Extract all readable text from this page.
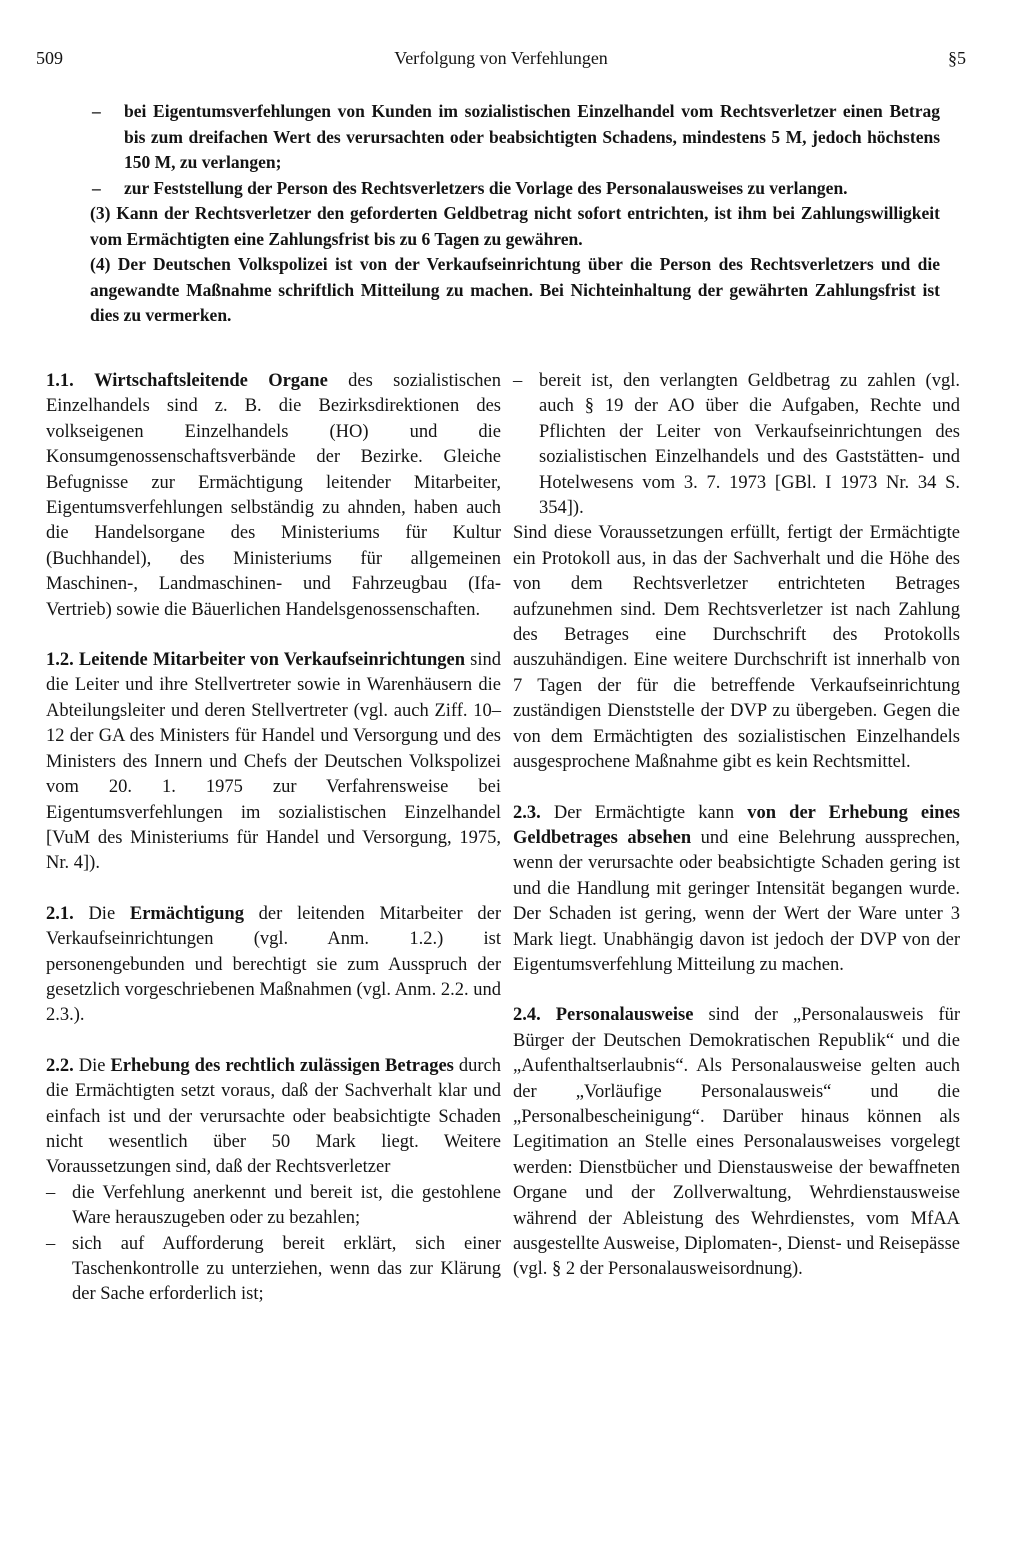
509	Verfolgung von Verfehlungen	§5
– bei Eigentumsverfehlungen von Kunden im sozialistischen Einzelhandel vom Rechtsverletzer einen Betrag bis zum dreifachen Wert des verursachten oder beabsichtigten Schadens, mindestens 5 M, jedoch höchstens 150 M, zu verlangen;
– zur Feststellung der Person des Rechtsverletzers die Vorlage des Personalausweises zu verlangen.

(3) Kann der Rechtsverletzer den geforderten Geldbetrag nicht sofort entrichten, ist ihm bei Zahlungswilligkeit vom Ermächtigten eine Zahlungsfrist bis zu 6 Tagen zu gewähren.

(4) Der Deutschen Volkspolizei ist von der Verkaufseinrichtung über die Person des Rechtsverletzers und die angewandte Maßnahme schriftlich Mitteilung zu machen. Bei Nichteinhaltung der gewährten Zahlungsfrist ist dies zu vermerken.

1.1. Wirtschaftsleitende Organe des sozialistischen Einzelhandels sind z. B. die Bezirksdirektionen des volkseigenen Einzelhandels (HO) und die Konsumgenossenschaftsverbände der Bezirke. Gleiche Befugnisse zur Ermächtigung leitender Mitarbeiter, Eigentumsverfehlungen selbständig zu ahnden, haben auch die Handelsorgane des Ministeriums für Kultur (Buchhandel), des Ministeriums für allgemeinen Maschinen-, Landmaschinen- und Fahrzeugbau (Ifa-Vertrieb) sowie die Bäuerlichen Handelsgenossenschaften.

1.2. Leitende Mitarbeiter von Verkaufseinrichtungen sind die Leiter und ihre Stellvertreter sowie in Warenhäusern die Abteilungsleiter und deren Stellvertreter (vgl. auch Ziff. 10–12 der GA des Ministers für Handel und Versorgung und des Ministers des Innern und Chefs der Deutschen Volkspolizei vom 20. 1. 1975 zur Verfahrensweise bei Eigentumsverfehlungen im sozialistischen Einzelhandel [VuM des Ministeriums für Handel und Versorgung, 1975, Nr. 4]).

2.1. Die Ermächtigung der leitenden Mitarbeiter der Verkaufseinrichtungen (vgl. Anm. 1.2.) ist personengebunden und berechtigt sie zum Ausspruch der gesetzlich vorgeschriebenen Maßnahmen (vgl. Anm. 2.2. und 2.3.).

2.2. Die Erhebung des rechtlich zulässigen Betrages durch die Ermächtigten setzt voraus, daß der Sachverhalt klar und einfach ist und der verursachte oder beabsichtigte Schaden nicht wesentlich über 50 Mark liegt. Weitere Voraussetzungen sind, daß der Rechtsverletzer

– die Verfehlung anerkennt und bereit ist, die gestohlene Ware herauszugeben oder zu bezahlen;
– sich auf Aufforderung bereit erklärt, sich einer Taschenkontrolle zu unterziehen, wenn das zur Klärung der Sache erforderlich ist;
– bereit ist, den verlangten Geldbetrag zu zahlen (vgl. auch § 19 der AO über die Aufgaben, Rechte und Pflichten der Leiter von Verkaufseinrichtungen des sozialistischen Einzelhandels und des Gaststätten- und Hotelwesens vom 3. 7. 1973 [GBl. I 1973 Nr. 34 S. 354]).

Sind diese Voraussetzungen erfüllt, fertigt der Ermächtigte ein Protokoll aus, in das der Sachverhalt und die Höhe des von dem Rechtsverletzer entrichteten Betrages aufzunehmen sind. Dem Rechtsverletzer ist nach Zahlung des Betrages eine Durchschrift des Protokolls auszuhändigen. Eine weitere Durchschrift ist innerhalb von 7 Tagen der für die betreffende Verkaufseinrichtung zuständigen Dienststelle der DVP zu übergeben. Gegen die von dem Ermächtigten des sozialistischen Einzelhandels ausgesprochene Maßnahme gibt es kein Rechtsmittel.

2.3. Der Ermächtigte kann von der Erhebung eines Geldbetrages absehen und eine Belehrung aussprechen, wenn der verursachte oder beabsichtigte Schaden gering ist und die Handlung mit geringer Intensität begangen wurde. Der Schaden ist gering, wenn der Wert der Ware unter 3 Mark liegt. Unabhängig davon ist jedoch der DVP von der Eigentumsverfehlung Mitteilung zu machen.

2.4. Personalausweise sind der „Personalausweis für Bürger der Deutschen Demokratischen Republik“ und die „Aufenthaltserlaubnis“. Als Personalausweise gelten auch der „Vorläufige Personalausweis“ und die „Personalbescheinigung“. Darüber hinaus können als Legitimation an Stelle eines Personalausweises vorgelegt werden: Dienstbücher und Dienstausweise der bewaffneten Organe und der Zollverwaltung, Wehrdienstausweise während der Ableistung des Wehrdienstes, vom MfAA ausgestellte Ausweise, Diplomaten-, Dienst- und Reisepässe (vgl. § 2 der Personalausweisordnung).
